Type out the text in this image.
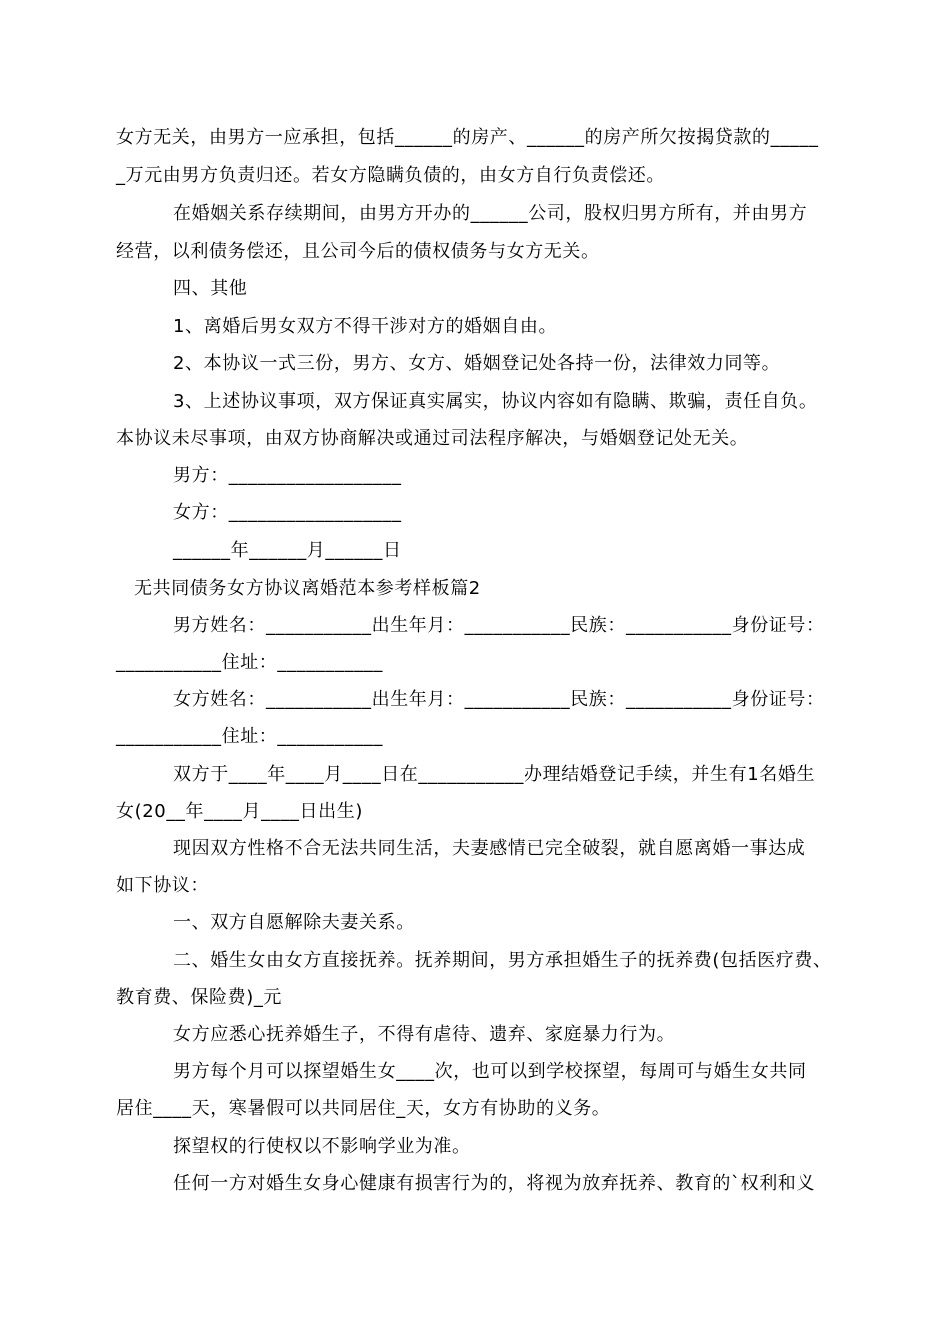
女方无关，由男方一应承担，包括______的房产、______的房产所欠按揭贷款的_____
_万元由男方负责归还。若女方隐瞒负债的，由女方自行负责偿还。
在婚姻关系存续期间，由男方开办的______公司，股权归男方所有，并由男方
经营，以利债务偿还，且公司今后的债权债务与女方无关。
四、其他
1、离婚后男女双方不得干涉对方的婚姻自由。
2、本协议一式三份，男方、女方、婚姻登记处各持一份，法律效力同等。
3、上述协议事项，双方保证真实属实，协议内容如有隐瞒、欺骗，责任自负。
本协议未尽事项，由双方协商解决或通过司法程序解决，与婚姻登记处无关。
男方：__________________
女方：__________________
______年______月______日
无共同债务女方协议离婚范本参考样板篇2
男方姓名：___________出生年月：___________民族：___________身份证号：
___________住址：___________
女方姓名：___________出生年月：___________民族：___________身份证号：
___________住址：___________
双方于____年____月____日在___________办理结婚登记手续，并生有1名婚生
女(20__年____月____日出生)
现因双方性格不合无法共同生活，夫妻感情已完全破裂，就自愿离婚一事达成
如下协议：
一、双方自愿解除夫妻关系。
二、婚生女由女方直接抚养。抚养期间，男方承担婚生子的抚养费(包括医疗费、
教育费、保险费)_元
女方应悉心抚养婚生子，不得有虐待、遗弃、家庭暴力行为。
男方每个月可以探望婚生女____次，也可以到学校探望，每周可与婚生女共同
居住____天，寒暑假可以共同居住_天，女方有协助的义务。
探望权的行使权以不影响学业为准。
任何一方对婚生女身心健康有损害行为的，将视为放弃抚养、教育的`权利和义
